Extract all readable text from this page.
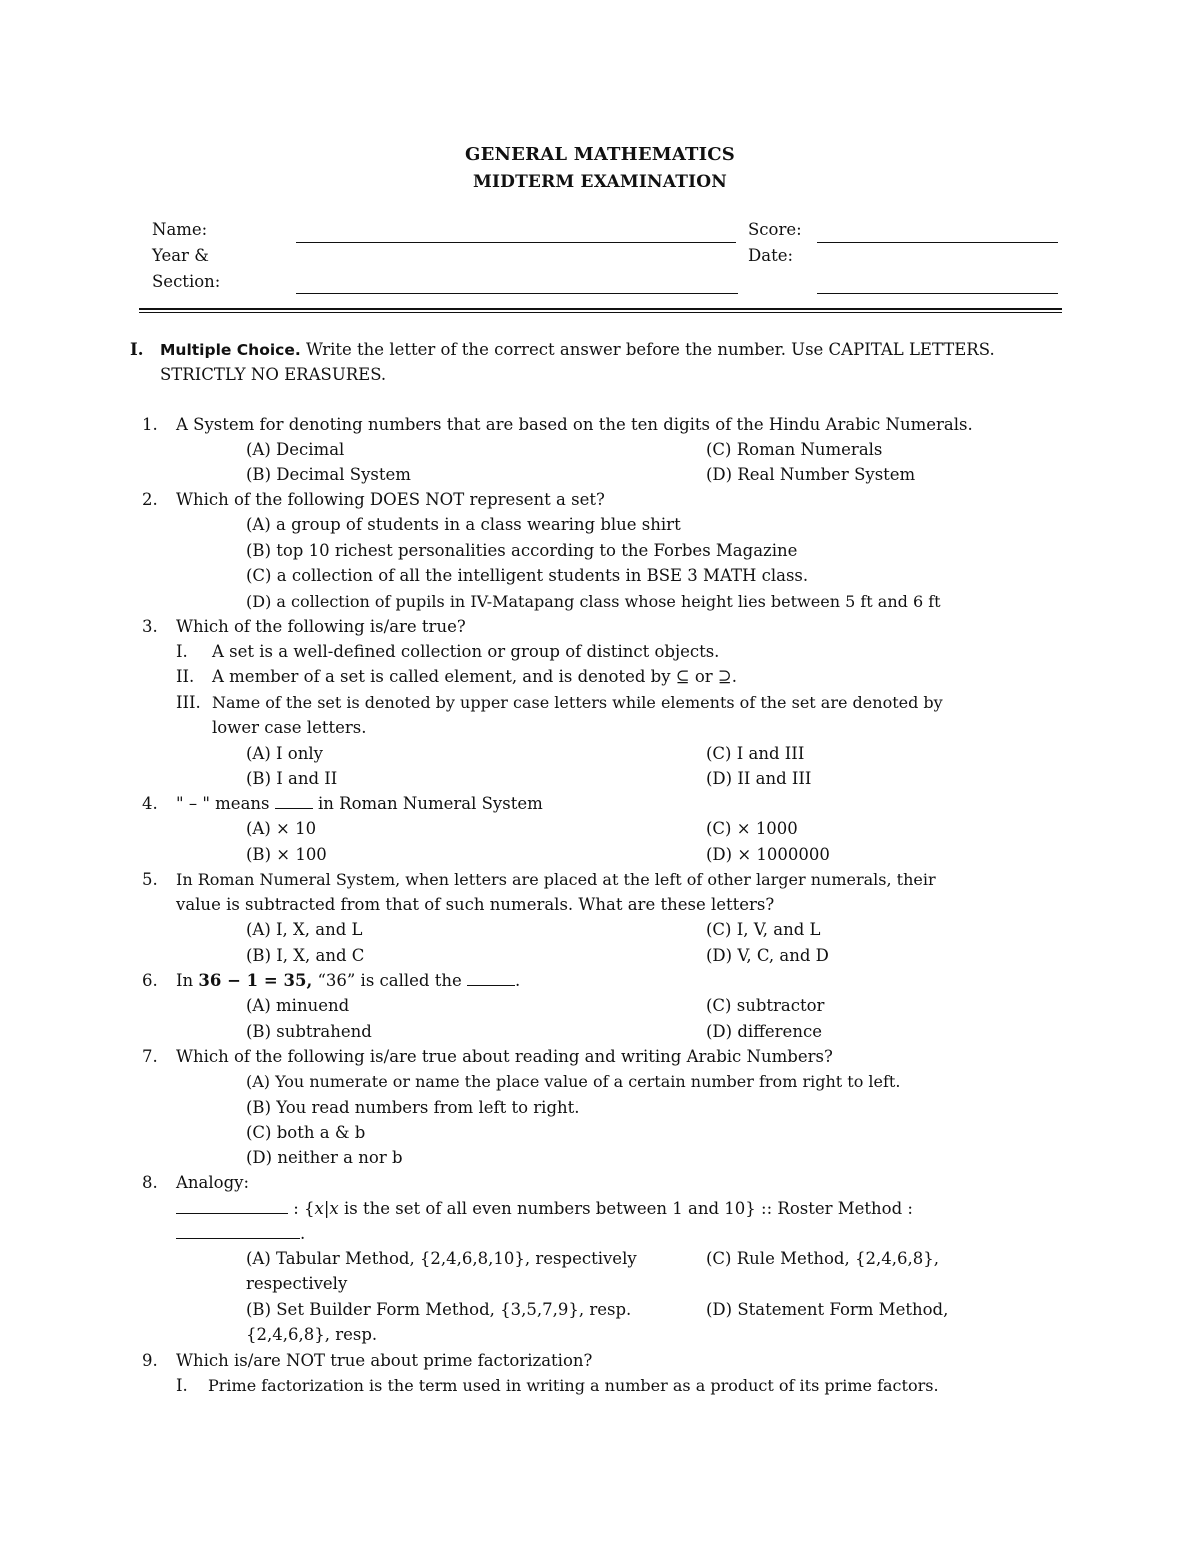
GENERAL MATHEMATICS
MIDTERM EXAMINATION
Name:
Year &
Section:
Score:
Date:
I. Multiple Choice. Write the letter of the correct answer before the number. Use CAPITAL LETTERS.
STRICTLY NO ERASURES.
1. A System for denoting numbers that are based on the ten digits of the Hindu Arabic Numerals.
(A) Decimal
(B) Decimal System
(C) Roman Numerals
(D) Real Number System
2. Which of the following DOES NOT represent a set?
(A) a group of students in a class wearing blue shirt
(B) top 10 richest personalities according to the Forbes Magazine
(C) a collection of all the intelligent students in BSE 3 MATH class.
(D) a collection of pupils in IV-Matapang class whose height lies between 5 ft and 6 ft
3. Which of the following is/are true?
I. A set is a well-defined collection or group of distinct objects.
II. A member of a set is called element, and is denoted by ⊆ or ⊇.
III. Name of the set is denoted by upper case letters while elements of the set are denoted by
lower case letters.
(A) I only
(B) I and II
(C) I and III
(D) II and III
4. " – " means	in Roman Numeral System
(A) × 10
(B) × 100
(C) × 1000
(D) × 1000000
5. In Roman Numeral System, when letters are placed at the left of other larger numerals, their
value is subtracted from that of such numerals. What are these letters?
(A) I, X, and L
(B) I, X, and C
(C) I, V, and L
(D) V, C, and D
6. In 36 − 1 = 35, “36” is called the	.
(A) minuend
(B) subtrahend
(C) subtractor
(D) difference
7. Which of the following is/are true about reading and writing Arabic Numbers?
(A) You numerate or name the place value of a certain number from right to left.
(B) You read numbers from left to right.
(C) both a & b
(D) neither a nor b
8. Analogy:
: {𝑥|𝑥 is the set of all even numbers between 1 and 10} :: Roster Method :
.
(A) Tabular Method, {2,4,6,8,10}, respectively
respectively
(C) Rule Method, {2,4,6,8},
(B) Set Builder Form Method, {3,5,7,9}, resp.
{2,4,6,8}, resp.
(D) Statement Form Method,
9. Which is/are NOT true about prime factorization?
I. Prime factorization is the term used in writing a number as a product of its prime factors.
